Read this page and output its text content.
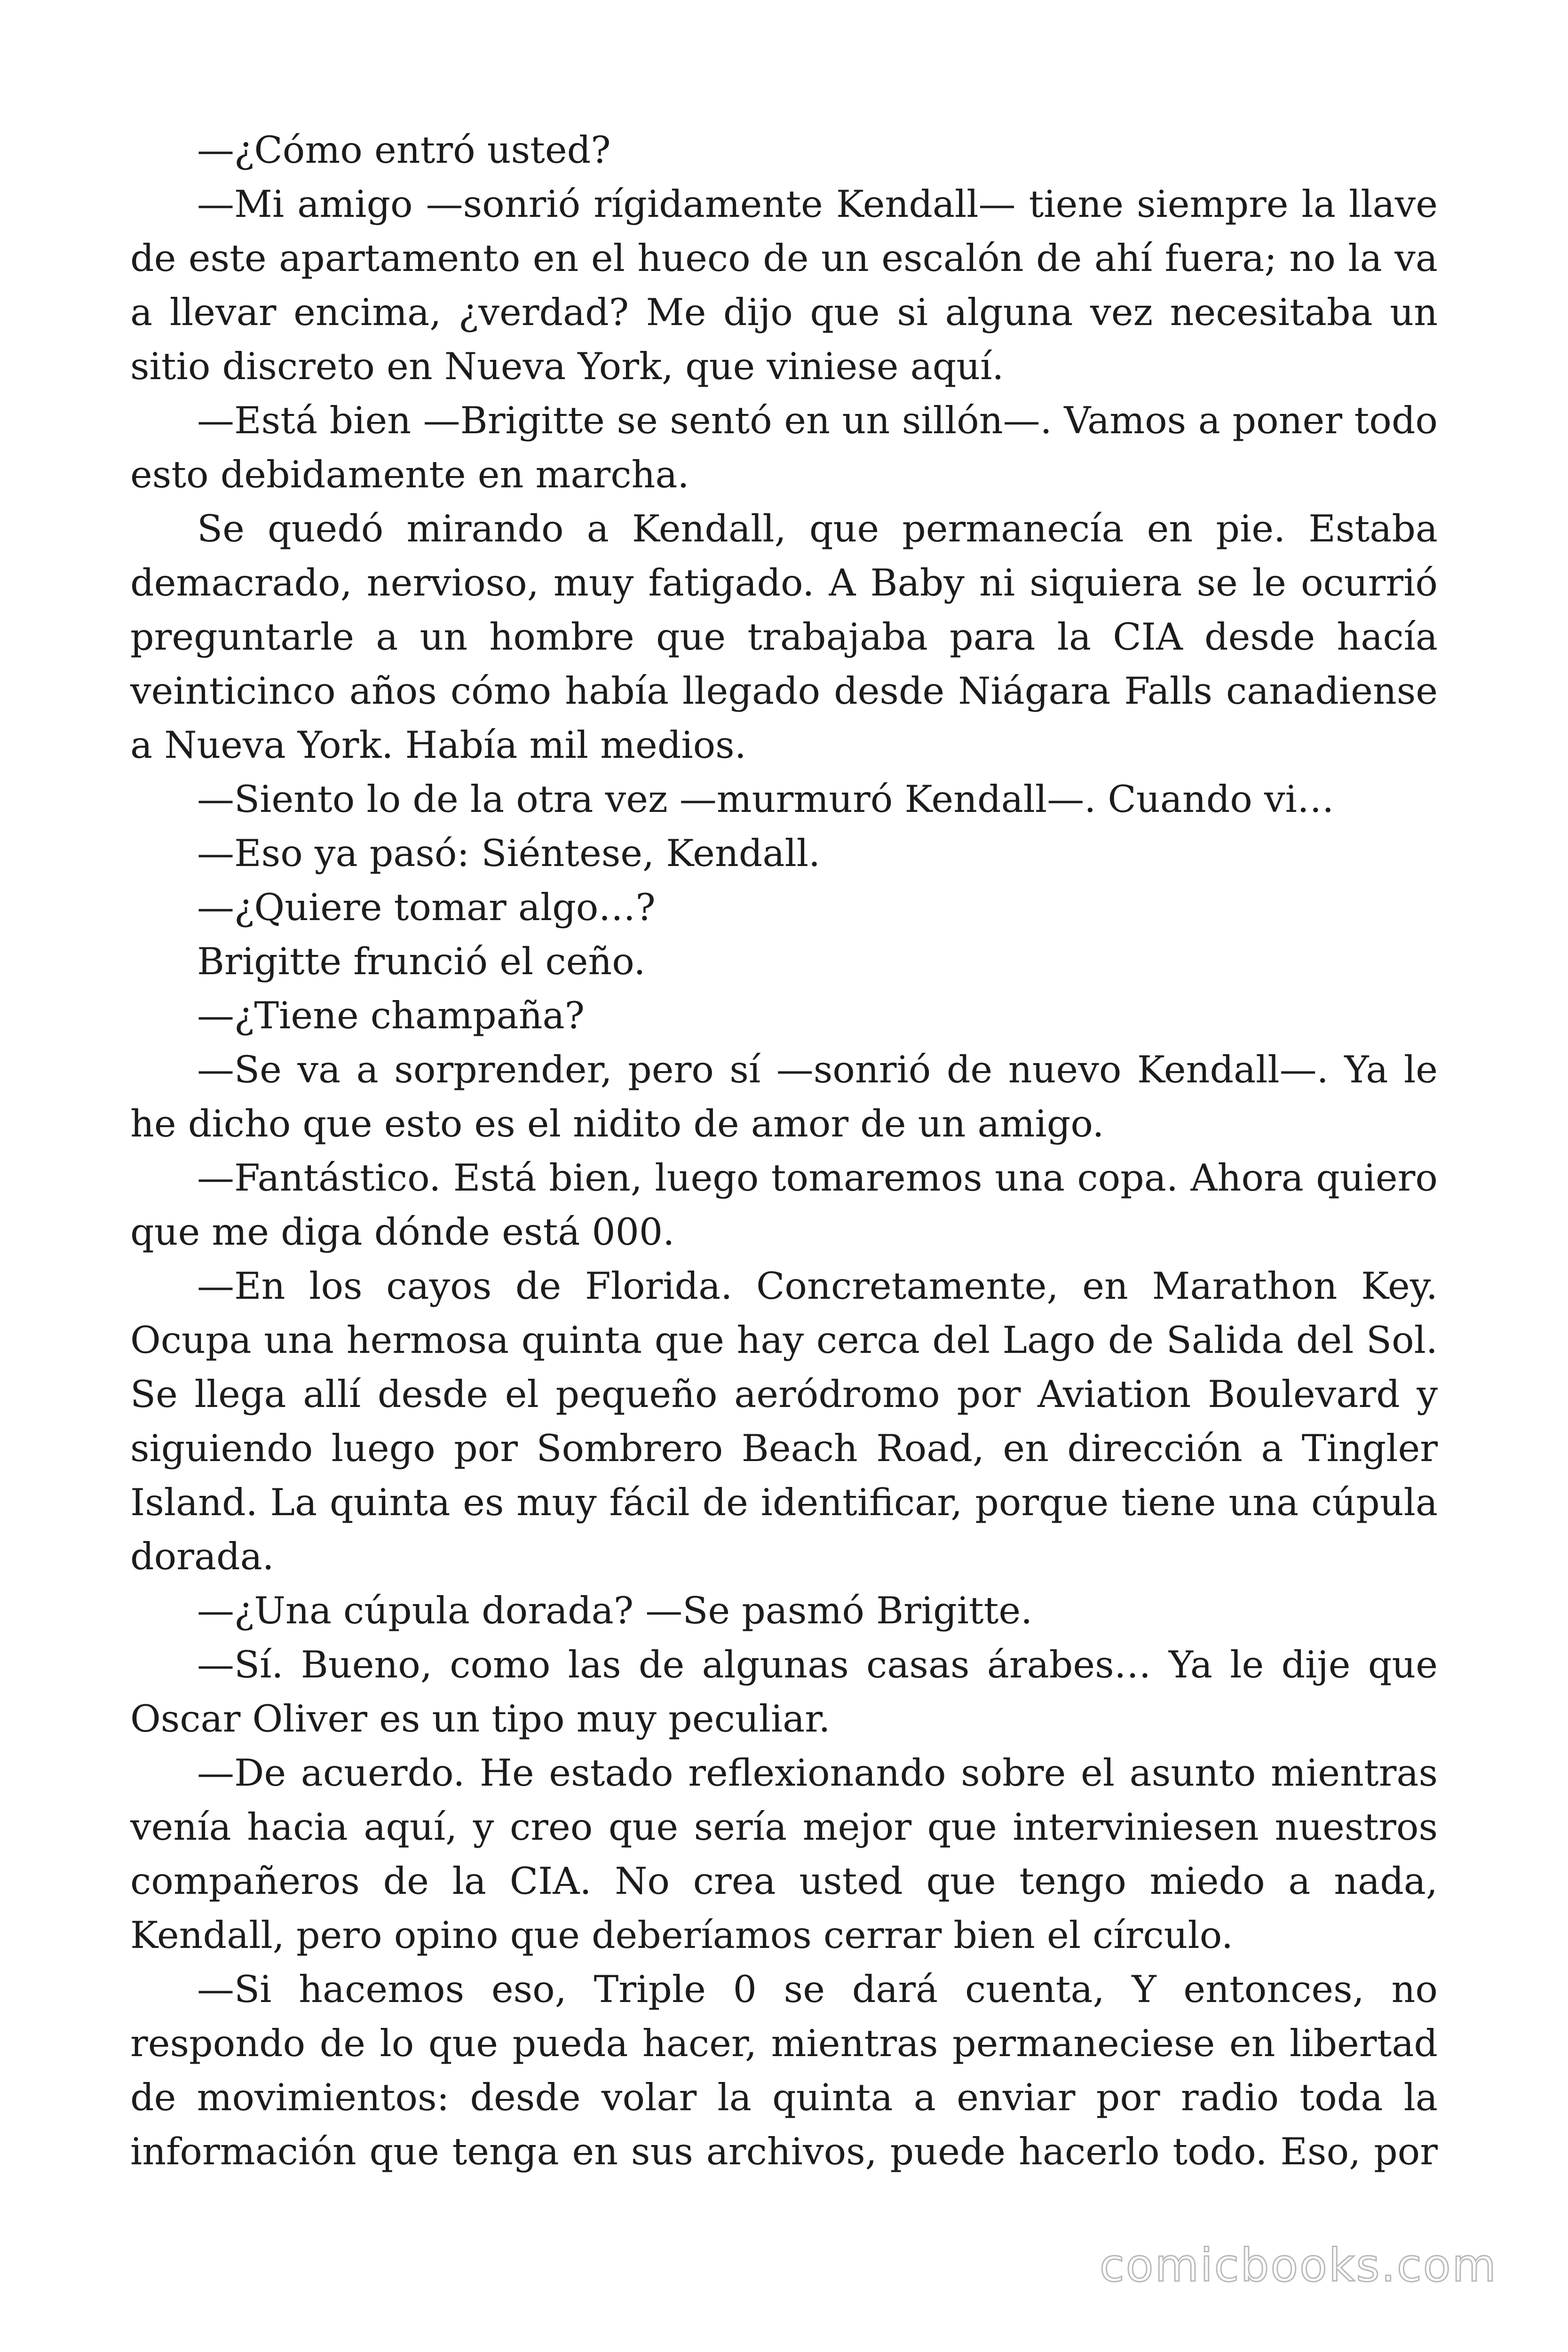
—¿Cómo entró usted?

—Mi amigo —sonrió rígidamente Kendall— tiene siempre la llave de este apartamento en el hueco de un escalón de ahí fuera; no la va a llevar encima, ¿verdad? Me dijo que si alguna vez necesitaba un sitio discreto en Nueva York, que viniese aquí.

—Está bien —Brigitte se sentó en un sillón—. Vamos a poner todo esto debidamente en marcha.

Se quedó mirando a Kendall, que permanecía en pie. Estaba demacrado, nervioso, muy fatigado. A Baby ni siquiera se le ocurrió preguntarle a un hombre que trabajaba para la CIA desde hacía veinticinco años cómo había llegado desde Niágara Falls canadiense a Nueva York. Había mil medios.

—Siento lo de la otra vez —murmuró Kendall—. Cuando vi…

—Eso ya pasó: Siéntese, Kendall.

—¿Quiere tomar algo…?

Brigitte frunció el ceño.

—¿Tiene champaña?

—Se va a sorprender, pero sí —sonrió de nuevo Kendall—. Ya le he dicho que esto es el nidito de amor de un amigo.

—Fantástico. Está bien, luego tomaremos una copa. Ahora quiero que me diga dónde está 000.

—En los cayos de Florida. Concretamente, en Marathon Key. Ocupa una hermosa quinta que hay cerca del Lago de Salida del Sol. Se llega allí desde el pequeño aeródromo por Aviation Boulevard y siguiendo luego por Sombrero Beach Road, en dirección a Tingler Island. La quinta es muy fácil de identificar, porque tiene una cúpula dorada.

—¿Una cúpula dorada? —Se pasmó Brigitte.

—Sí. Bueno, como las de algunas casas árabes… Ya le dije que Oscar Oliver es un tipo muy peculiar.

—De acuerdo. He estado reflexionando sobre el asunto mientras venía hacia aquí, y creo que sería mejor que interviniesen nuestros compañeros de la CIA. No crea usted que tengo miedo a nada, Kendall, pero opino que deberíamos cerrar bien el círculo.

—Si hacemos eso, Triple 0 se dará cuenta, Y entonces, no respondo de lo que pueda hacer, mientras permaneciese en libertad de movimientos: desde volar la quinta a enviar por radio toda la información que tenga en sus archivos, puede hacerlo todo. Eso, por

comicbooks.com
